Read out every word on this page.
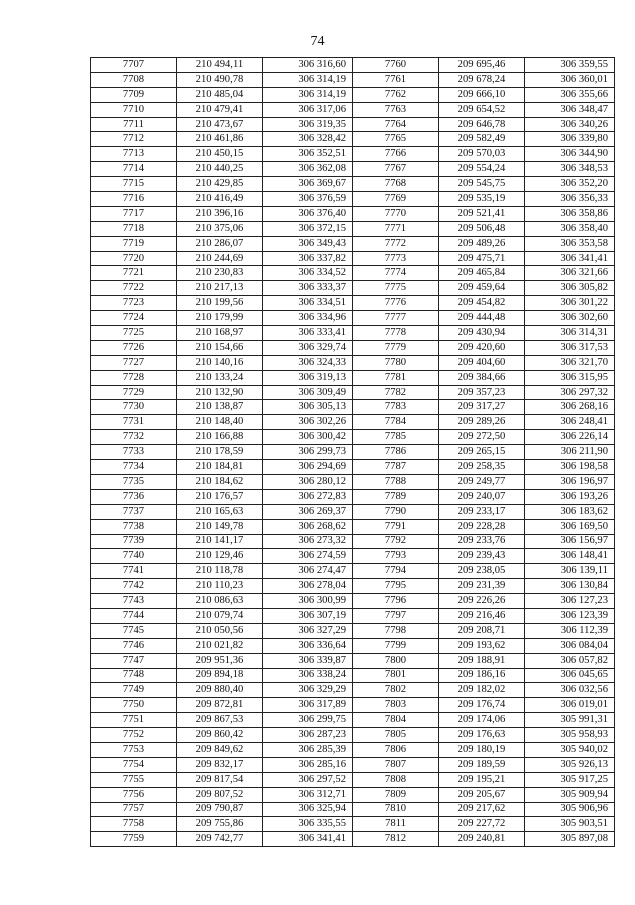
74
7707	210 494,11	306 316,60	7760	209 695,46	306 359,55
7708	210 490,78	306 314,19	7761	209 678,24	306 360,01
7709	210 485,04	306 314,19	7762	209 666,10	306 355,66
7710	210 479,41	306 317,06	7763	209 654,52	306 348,47
7711	210 473,67	306 319,35	7764	209 646,78	306 340,26
7712	210 461,86	306 328,42	7765	209 582,49	306 339,80
7713	210 450,15	306 352,51	7766	209 570,03	306 344,90
7714	210 440,25	306 362,08	7767	209 554,24	306 348,53
7715	210 429,85	306 369,67	7768	209 545,75	306 352,20
7716	210 416,49	306 376,59	7769	209 535,19	306 356,33
7717	210 396,16	306 376,40	7770	209 521,41	306 358,86
7718	210 375,06	306 372,15	7771	209 506,48	306 358,40
7719	210 286,07	306 349,43	7772	209 489,26	306 353,58
7720	210 244,69	306 337,82	7773	209 475,71	306 341,41
7721	210 230,83	306 334,52	7774	209 465,84	306 321,66
7722	210 217,13	306 333,37	7775	209 459,64	306 305,82
7723	210 199,56	306 334,51	7776	209 454,82	306 301,22
7724	210 179,99	306 334,96	7777	209 444,48	306 302,60
7725	210 168,97	306 333,41	7778	209 430,94	306 314,31
7726	210 154,66	306 329,74	7779	209 420,60	306 317,53
7727	210 140,16	306 324,33	7780	209 404,60	306 321,70
7728	210 133,24	306 319,13	7781	209 384,66	306 315,95
7729	210 132,90	306 309,49	7782	209 357,23	306 297,32
7730	210 138,87	306 305,13	7783	209 317,27	306 268,16
7731	210 148,40	306 302,26	7784	209 289,26	306 248,41
7732	210 166,88	306 300,42	7785	209 272,50	306 226,14
7733	210 178,59	306 299,73	7786	209 265,15	306 211,90
7734	210 184,81	306 294,69	7787	209 258,35	306 198,58
7735	210 184,62	306 280,12	7788	209 249,77	306 196,97
7736	210 176,57	306 272,83	7789	209 240,07	306 193,26
7737	210 165,63	306 269,37	7790	209 233,17	306 183,62
7738	210 149,78	306 268,62	7791	209 228,28	306 169,50
7739	210 141,17	306 273,32	7792	209 233,76	306 156,97
7740	210 129,46	306 274,59	7793	209 239,43	306 148,41
7741	210 118,78	306 274,47	7794	209 238,05	306 139,11
7742	210 110,23	306 278,04	7795	209 231,39	306 130,84
7743	210 086,63	306 300,99	7796	209 226,26	306 127,23
7744	210 079,74	306 307,19	7797	209 216,46	306 123,39
7745	210 050,56	306 327,29	7798	209 208,71	306 112,39
7746	210 021,82	306 336,64	7799	209 193,62	306 084,04
7747	209 951,36	306 339,87	7800	209 188,91	306 057,82
7748	209 894,18	306 338,24	7801	209 186,16	306 045,65
7749	209 880,40	306 329,29	7802	209 182,02	306 032,56
7750	209 872,81	306 317,89	7803	209 176,74	306 019,01
7751	209 867,53	306 299,75	7804	209 174,06	305 991,31
7752	209 860,42	306 287,23	7805	209 176,63	305 958,93
7753	209 849,62	306 285,39	7806	209 180,19	305 940,02
7754	209 832,17	306 285,16	7807	209 189,59	305 926,13
7755	209 817,54	306 297,52	7808	209 195,21	305 917,25
7756	209 807,52	306 312,71	7809	209 205,67	305 909,94
7757	209 790,87	306 325,94	7810	209 217,62	305 906,96
7758	209 755,86	306 335,55	7811	209 227,72	305 903,51
7759	209 742,77	306 341,41	7812	209 240,81	305 897,08
